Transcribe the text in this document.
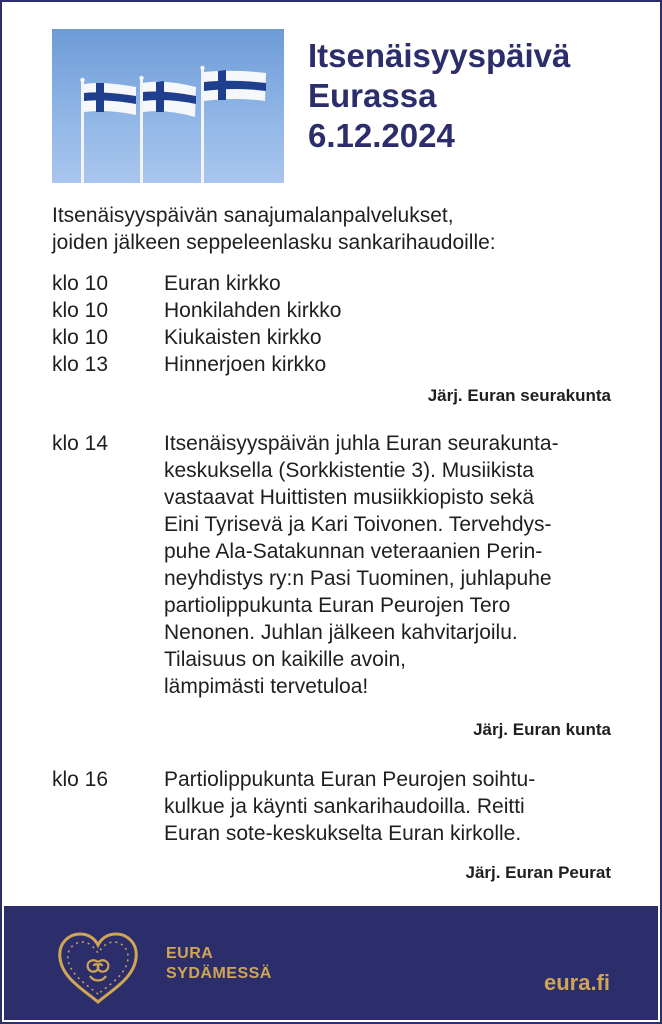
Itsenäisyyspäivä
Eurassa
6.12.2024
Itsenäisyyspäivän sanajumalanpalvelukset,
joiden jälkeen seppeleenlasku sankarihaudoille:
klo 10	Euran kirkko
klo 10	Honkilahden kirkko
klo 10	Kiukaisten kirkko
klo 13	Hinnerjoen kirkko
Järj. Euran seurakunta
klo 14	Itsenäisyyspäivän juhla Euran seurakunta-
keskuksella (Sorkkistentie 3). Musiikista
vastaavat Huittisten musiikkiopisto sekä
Eini Tyrisevä ja Kari Toivonen. Tervehdys-
puhe Ala-Satakunnan veteraanien Perin-
neyhdistys ry:n Pasi Tuominen, juhlapuhe
partiolippukunta Euran Peurojen Tero
Nenonen. Juhlan jälkeen kahvitarjoilu.
Tilaisuus on kaikille avoin,
lämpimästi tervetuloa!
Järj. Euran kunta
klo 16	Partiolippukunta Euran Peurojen soihtu-
kulkue ja käynti sankarihaudoilla. Reitti
Euran sote-keskukselta Euran kirkolle.
Järj. Euran Peurat
EURA
SYDÄMESSÄ	eura.fi
